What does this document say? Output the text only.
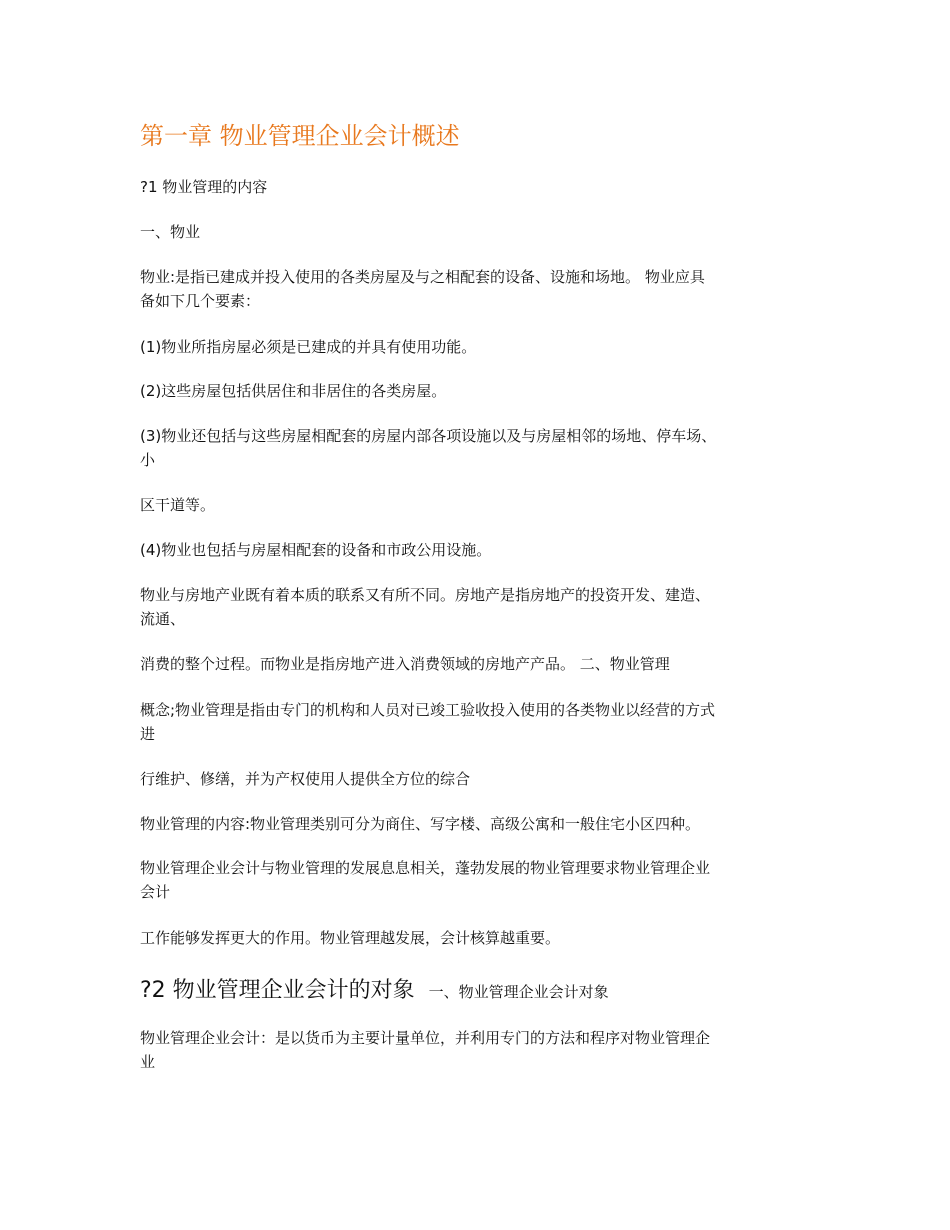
第一章 物业管理企业会计概述

?1 物业管理的内容

一、物业

物业:是指已建成并投入使用的各类房屋及与之相配套的设备、设施和场地。 物业应具

备如下几个要素：

(1)物业所指房屋必须是已建成的并具有使用功能。

(2)这些房屋包括供居住和非居住的各类房屋。

(3)物业还包括与这些房屋相配套的房屋内部各项设施以及与房屋相邻的场地、停车场、

小

区干道等。

(4)物业也包括与房屋相配套的设备和市政公用设施。

物业与房地产业既有着本质的联系又有所不同。房地产是指房地产的投资开发、建造、

流通、

消费的整个过程。而物业是指房地产进入消费领域的房地产产品。 二、物业管理

概念;物业管理是指由专门的机构和人员对已竣工验收投入使用的各类物业以经营的方式

进

行维护、修缮，并为产权使用人提供全方位的综合

物业管理的内容:物业管理类别可分为商住、写字楼、高级公寓和一般住宅小区四种。

物业管理企业会计与物业管理的发展息息相关，蓬勃发展的物业管理要求物业管理企业

会计

工作能够发挥更大的作用。物业管理越发展，会计核算越重要。

?2 物业管理企业会计的对象 一、物业管理企业会计对象

物业管理企业会计：是以货币为主要计量单位，并利用专门的方法和程序对物业管理企

业
